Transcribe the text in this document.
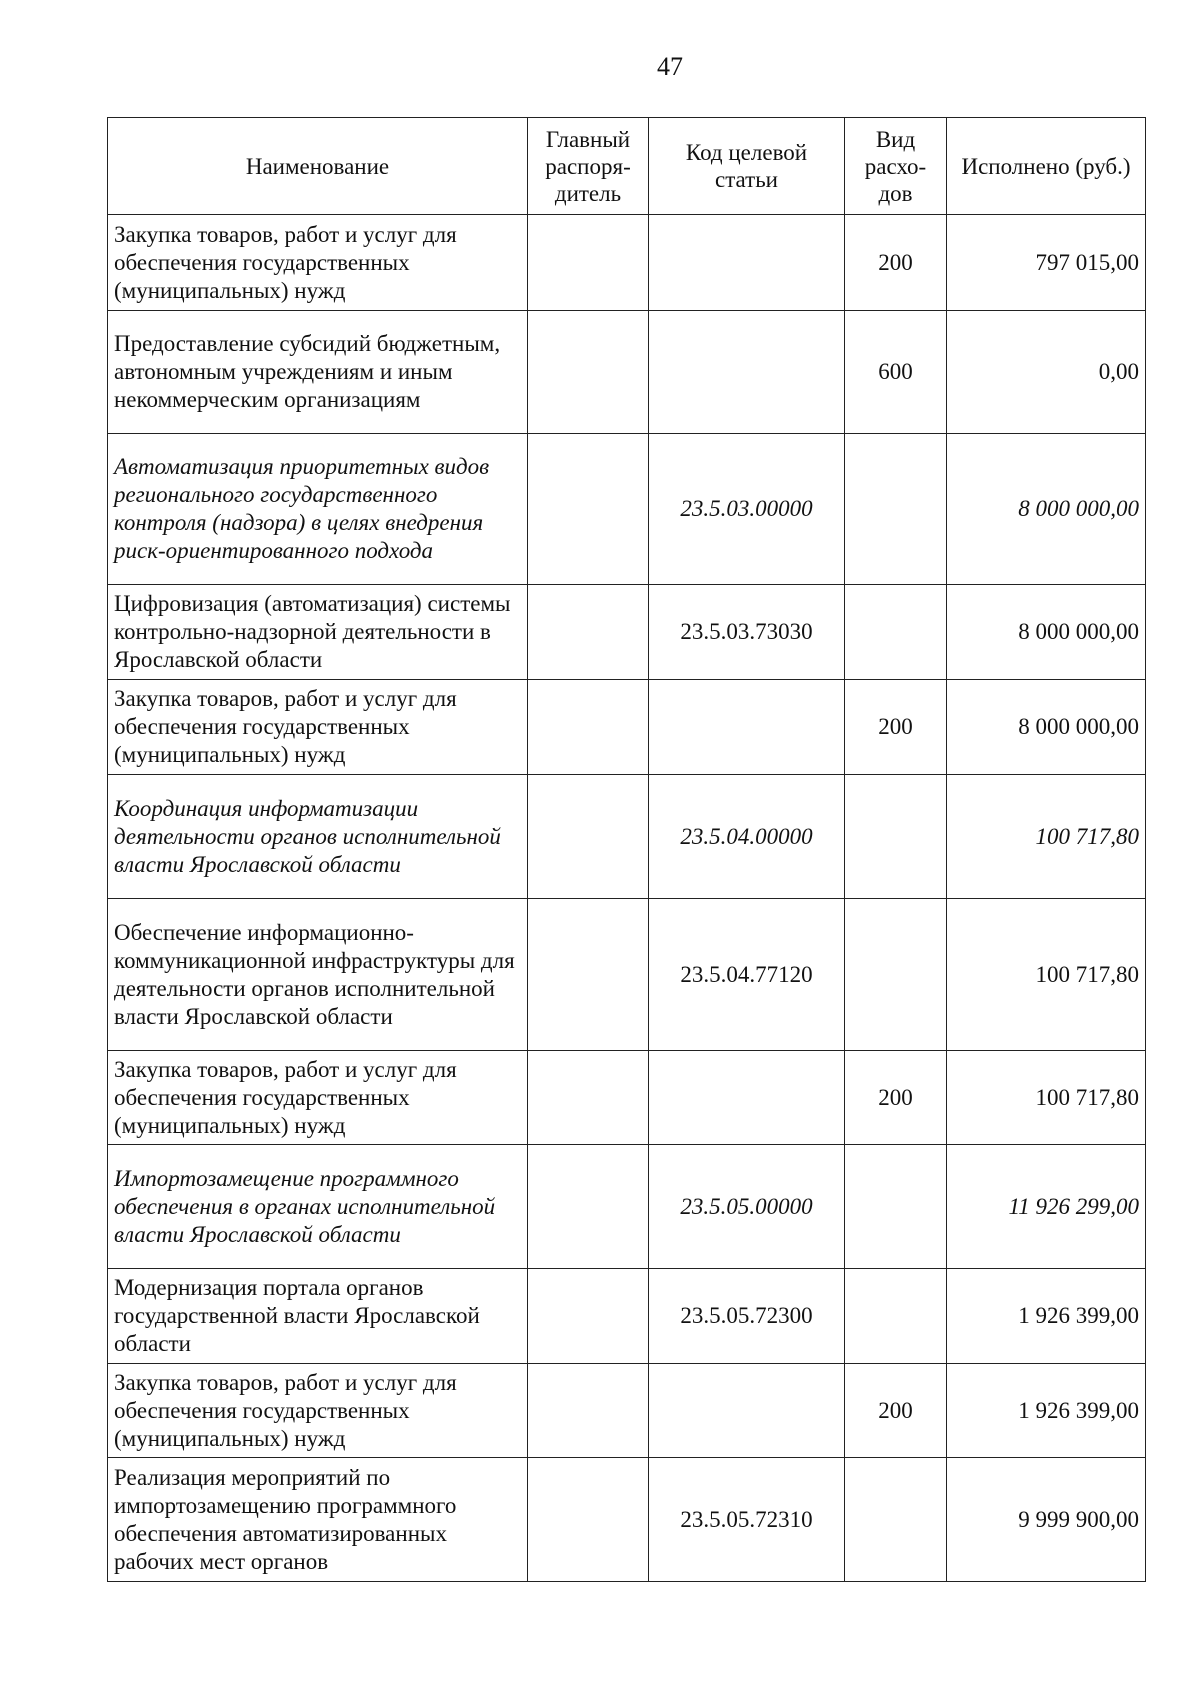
47
Наименование	Главный распоря-дитель	Код целевой статьи	Вид расхо-дов	Исполнено (руб.)
Закупка товаров, работ и услуг для обеспечения государственных (муниципальных) нужд			200	797 015,00
Предоставление субсидий бюджетным, автономным учреждениям и иным некоммерческим организациям			600	0,00
Автоматизация приоритетных видов регионального государственного контроля (надзора) в целях внедрения риск-ориентированного подхода		23.5.03.00000		8 000 000,00
Цифровизация (автоматизация) системы контрольно-надзорной деятельности в Ярославской области		23.5.03.73030		8 000 000,00
Закупка товаров, работ и услуг для обеспечения государственных (муниципальных) нужд			200	8 000 000,00
Координация информатизации деятельности органов исполнительной власти Ярославской области		23.5.04.00000		100 717,80
Обеспечение информационно-коммуникационной инфраструктуры для деятельности органов исполнительной власти Ярославской области		23.5.04.77120		100 717,80
Закупка товаров, работ и услуг для обеспечения государственных (муниципальных) нужд			200	100 717,80
Импортозамещение программного обеспечения в органах исполнительной власти Ярославской области		23.5.05.00000		11 926 299,00
Модернизация портала органов государственной власти Ярославской области		23.5.05.72300		1 926 399,00
Закупка товаров, работ и услуг для обеспечения государственных (муниципальных) нужд			200	1 926 399,00
Реализация мероприятий по импортозамещению программного обеспечения автоматизированных рабочих мест органов		23.5.05.72310		9 999 900,00
